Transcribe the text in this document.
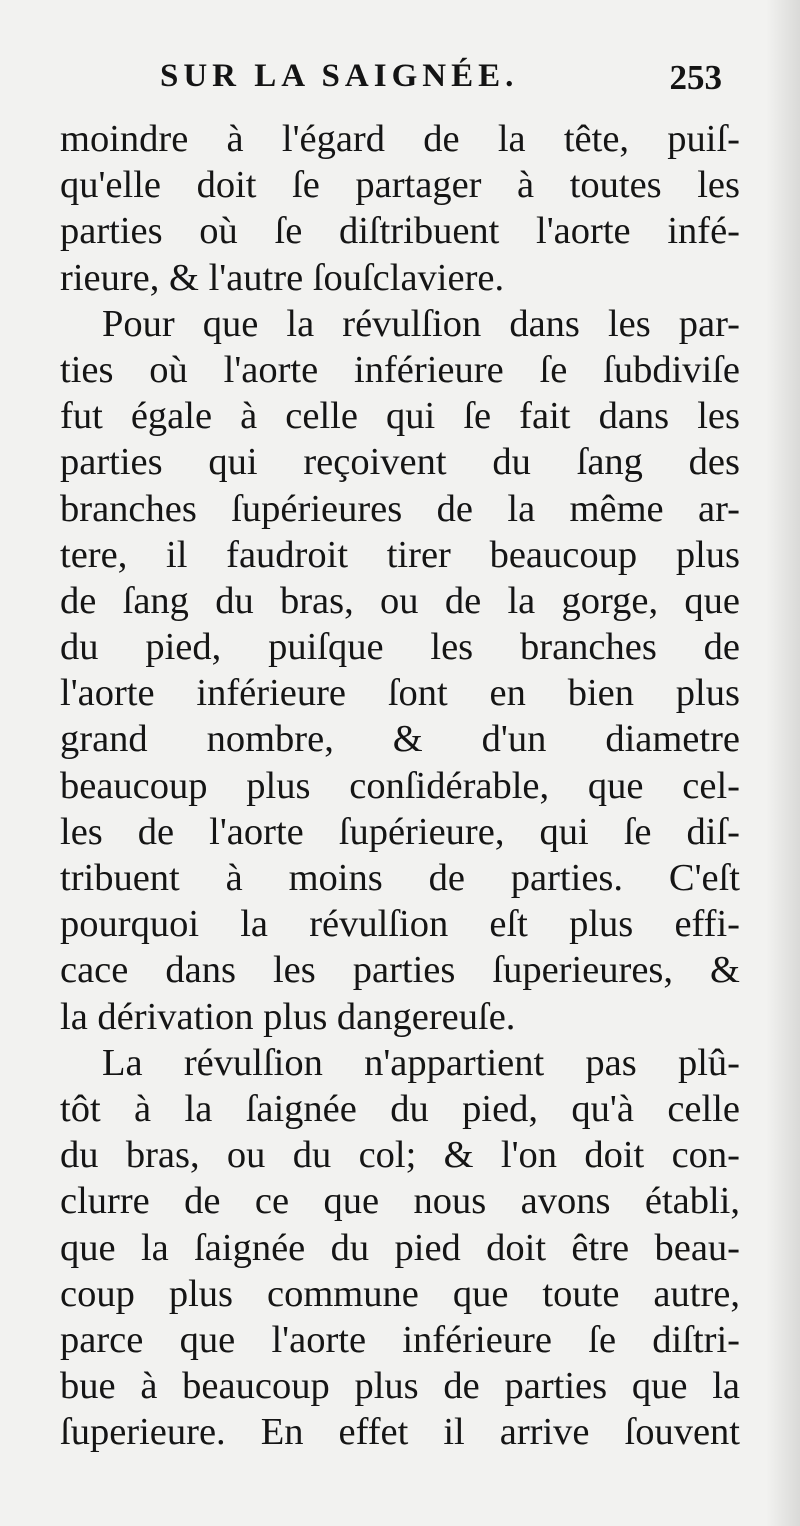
SUR LA SAIGNÉE.	253
moindre à l'égard de la tête, puiſ-
qu'elle doit ſe partager à toutes les
parties où ſe diſtribuent l'aorte infé-
rieure, & l'autre ſouſclaviere.
Pour que la révulſion dans les par-
ties où l'aorte inférieure ſe ſubdiviſe
fut égale à celle qui ſe fait dans les
parties qui reçoivent du ſang des
branches ſupérieures de la même ar-
tere, il faudroit tirer beaucoup plus
de ſang du bras, ou de la gorge, que
du pied, puiſque les branches de
l'aorte inférieure ſont en bien plus
grand nombre, & d'un diametre
beaucoup plus conſidérable, que cel-
les de l'aorte ſupérieure, qui ſe diſ-
tribuent à moins de parties. C'eſt
pourquoi la révulſion eſt plus effi-
cace dans les parties ſuperieures, &
la dérivation plus dangereuſe.
La révulſion n'appartient pas plû-
tôt à la ſaignée du pied, qu'à celle
du bras, ou du col; & l'on doit con-
clurre de ce que nous avons établi,
que la ſaignée du pied doit être beau-
coup plus commune que toute autre,
parce que l'aorte inférieure ſe diſtri-
bue à beaucoup plus de parties que la
ſuperieure. En effet il arrive ſouvent
